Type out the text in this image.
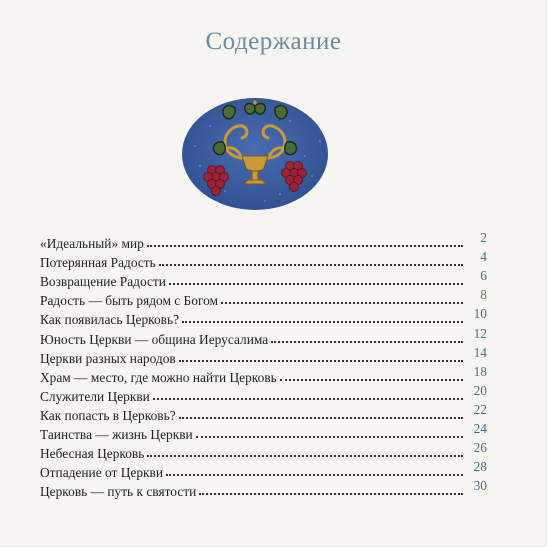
Содержание
«Идеальный» мир	2
Потерянная Радость	4
Возвращение Радости	6
Радость — быть рядом с Богом	8
Как появилась Церковь?	10
Юность Церкви — община Иерусалима	12
Церкви разных народов	14
Храм — место, где можно найти Церковь	18
Служители Церкви	20
Как попасть в Церковь?	22
Таинства — жизнь Церкви	24
Небесная Церковь	26
Отпадение от Церкви	28
Церковь — путь к святости	30
